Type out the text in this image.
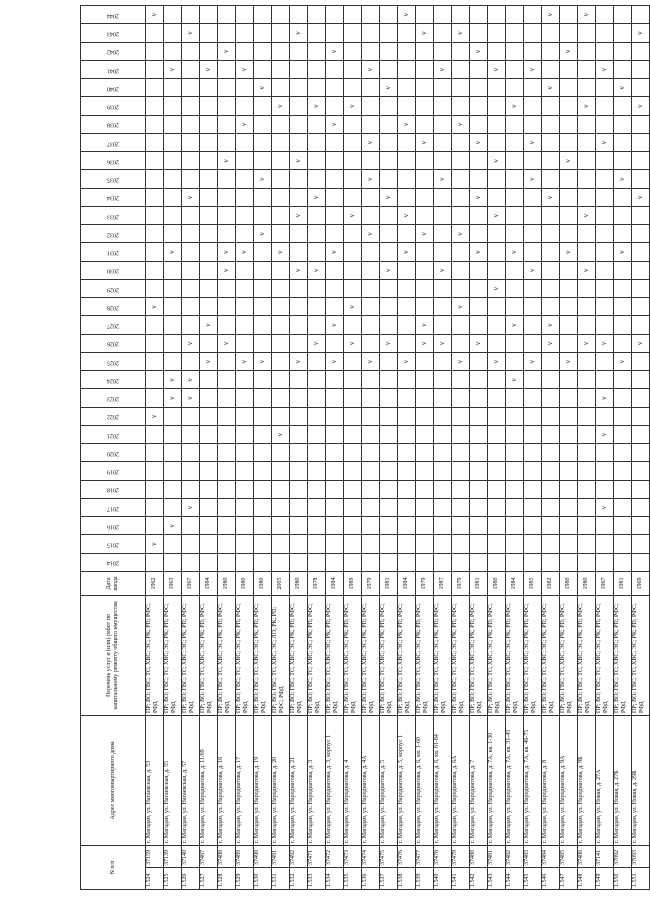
N п/п		Адрес многоквартирного дома	Перечень услуг и (или) работ по капитальному ремонту общего имущества	Дата ввода	2014	2015	2016	2017	2018	2019	2020	2021	2022	2023	2024	2025	2026	2027	2028	2029	2030	2031	2032	2033	2034	2035	2036	2037	2038	2039	2040	2041	2042	2043	2044
1.524	37159	г. Магадан, ул. Нагаевская, д. 53	ПР; ВО; ГВС; ТС; ХВС; ЭС; РК; РП; РФС; РФД	1962		v							v						v																v
1.525	37139	г. Магадан, ул. Нагаевская, д. 55	ПР; ВО; ГВС; ТС; ХВС; ЭС; РК; РП; РФС; РФД	1963			v							v	v							v										v			
1.526	37140	г. Магадан, ул. Нагаевская, д. 57	ПР; ВО; ГВС; ТС; ХВС; ЭС; РК; РП; РФС; РФД	1967				v						v	v		v								v									v	
1.527	37487	г. Магадан, ул. Народнатова, д. 11/69	ПР; ВО; ГВС; ТС; ХВС; ЭС; РК; РП; РФС; РФД	1984												v		v														v			
1.528	37488	г. Магадан, ул. Народнатова, д. 16	ПР; ВО; ГВС; ТС; ХВС; ЭС; РК; РП; РФС; РФД	1980													v				v	v					v						v		
1.529	37489	г. Магадан, ул. Народнатова, д. 17	ПР; ВО; ГВС; ТС; ХВС; ЭС; РК; РП; РФС; РФД	1980												v						v							v			v			
1.530	37490	г. Магадан, ул. Народнатова, д. 19	ПР; ВО; ГВС; ТС; ХВС; ЭС; РК; РП; РФС; РФД	1980												v							v			v					v				
1.531	37491	г. Магадан, ул. Народнатова, д. 20	ПР; ВО; ГВС; ТС; ХВС; ЭС; ЛО; РК; РП; РФС; РФД	2005								v										v								v					
1.532	37492	г. Магадан, ул. Народнатова, д. 21	ПР; ВО; ГВС; ТС; ХВС; ЭС; РК; РП; РФС; РФД	1980												v					v			v			v							v	
1.533	37471	г. Магадан, ул. Народнатова, д. 3	ПР; ВО; ГВС; ТС; ХВС; ЭС; РК; РП; РФС; РФД	1978													v				v				v					v					
1.534	37472	г. Магадан, ул. Народнатова, д. 3, корпус 1	ПР; ВО; ГВС; ТС; ХВС; ЭС; РК; РП; РФС; РФД	1984												v		v				v							v				v		
1.535	37473	г. Магадан, ул. Народнатова, д. 4	ПР; ВО; ГВС; ТС; ХВС; ЭС; РК; РП; РФС; РФД	1989													v		v					v						v					
1.536	37474	г. Магадан, ул. Народнатова, д. 4А	ПР; ВО; ГВС; ТС; ХВС; ЭС; РК; РП; РФС; РФД	1979												v							v			v		v				v			
1.537	37475	г. Магадан, ул. Народнатова, д. 5	ПР; ВО; ГВС; ТС; ХВС; ЭС; РК; РП; РФС; РФД	1981													v				v				v						v				
1.538	37476	г. Магадан, ул. Народнатова, д. 5, корпус 1	ПР; ВО; ГВС; ТС; ХВС; ЭС; РК; РП; РФС; РФД	1984												v						v		v					v						v
1.539	37477	г. Магадан, ул. Народнатова, д. 6, кв. 1-60	ПР; ВО; ГВС; ТС; ХВС; ЭС; РК; РП; РФС; РФД	1979													v	v					v					v						v	
1.540	37478	г. Магадан, ул. Народнатова, д. 6, кв. 61-84	ПР; ВО; ГВС; ТС; ХВС; ЭС; РК; РП; РФС; РФД	1987													v				v					v						v			
1.541	37479	г. Магадан, ул. Народнатова, д. 6А	ПР; ВО; ГВС; ТС; ХВС; ЭС; РК; РП; РФС; РФД	1979												v			v				v						v					v	
1.542	37480	г. Магадан, ул. Народнатова, д. 7	ПР; ВО; ГВС; ТС; ХВС; ЭС; РК; РП; РФС; РФД	1981													v					v			v			v					v		
1.543	37481	г. Магадан, ул. Народнатова, д. 7А, кв. 1-30	ПР; ВО; ГВС; ТС; ХВС; ЭС; РК; РП; РФС; РФД	1980												v				v				v			v					v			
1.544	37482	г. Магадан, ул. Народнатова, д. 7А, кв. 31-45	ПР; ВО; ГВС; ТС; ХВС; ЭС; РК; РП; РФС; РФД	1984											v			v				v								v					
1.545	37483	г. Магадан, ул. Народнатова, д. 7А, кв. 46-75	ПР; ВО; ГВС; ТС; ХВС; ЭС; РК; РП; РФС; РФД	1985												v					v					v		v				v			
1.546	37484	г. Магадан, ул. Народнатова, д. 8	ПР; ВО; ГВС; ТС; ХВС; ЭС; РК; РП; РФС; РФД	1982													v	v							v						v				v
1.547	37485	г. Магадан, ул. Народнатова, д. 9А	ПР; ВО; ГВС; ТС; ХВС; ЭС; РК; РП; РФС; РФД	1980												v						v					v						v		
1.548	37486	г. Магадан, ул. Народнатова, д. 9Б	ПР; ВО; ГВС; ТС; ХВС; ЭС; РК; РП; РФС; РФД	1980													v				v			v						v					v
1.549	37141	г. Магадан, ул. Новая, д. 27А	ПР; ВО; ГВС; ТС; ХВС; ЭС; РК; РП; РФС; РФД	1967				v				v		v			v											v				v			
1.550	37092	г. Магадан, ул. Новая, д. 27Б	ПР; ВО; ГВС; ТС; ХВС; ЭС; РК; РП; РФС; РФД	1981												v						v				v					v				
1.551	37093	г. Магадан, ул. Новая, д. 29Б	ПР; ВО; ГВС; ТС; ХВС; ЭС; РК; РП; РФС; РФД	1969													v								v					v				v	
